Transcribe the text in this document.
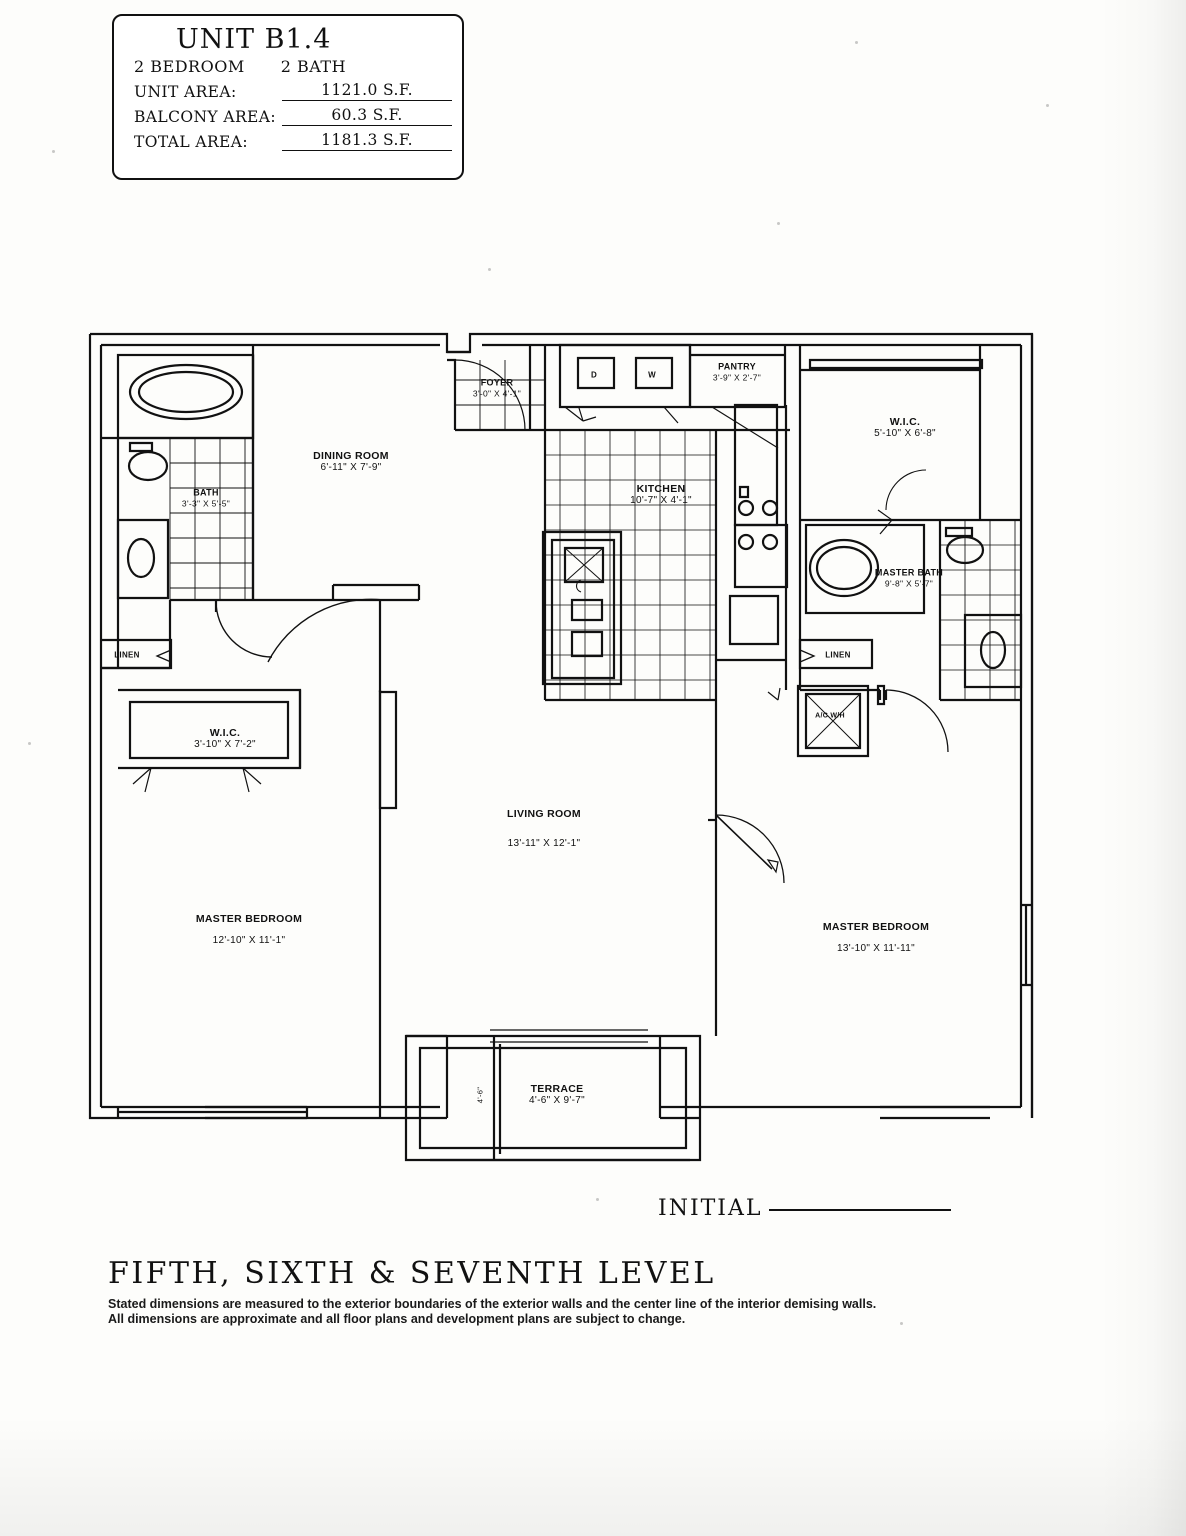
UNIT B1.4
2 BEDROOM 2 BATH
UNIT AREA:	1121.0 S.F.
BALCONY AREA:	60.3 S.F.
TOTAL AREA:	1181.3 S.F.
FOYER
3'-0" X 4'-1"
PANTRY
3'-9" X 2'-7"
DINING ROOM
6'-11" X 7'-9"
KITCHEN
10'-7" X 4'-1"
W.I.C.
5'-10" X 6'-8"
BATH
3'-3" X 5'-5"
MASTER BATH
9'-8" X 5'-7"
W.I.C.
3'-10" X 7'-2"
LIVING ROOM
13'-11" X 12'-1"
MASTER BEDROOM
12'-10" X 11'-1"
MASTER BEDROOM
13'-10" X 11'-11"
TERRACE
4'-6" X 9'-7"
LINEN	LINEN
D	W
A/C W/H
4'-6"
INITIAL
FIFTH, SIXTH & SEVENTH LEVEL
Stated dimensions are measured to the exterior boundaries of the exterior walls and the center line of the interior demising walls.
All dimensions are approximate and all floor plans and development plans are subject to change.
